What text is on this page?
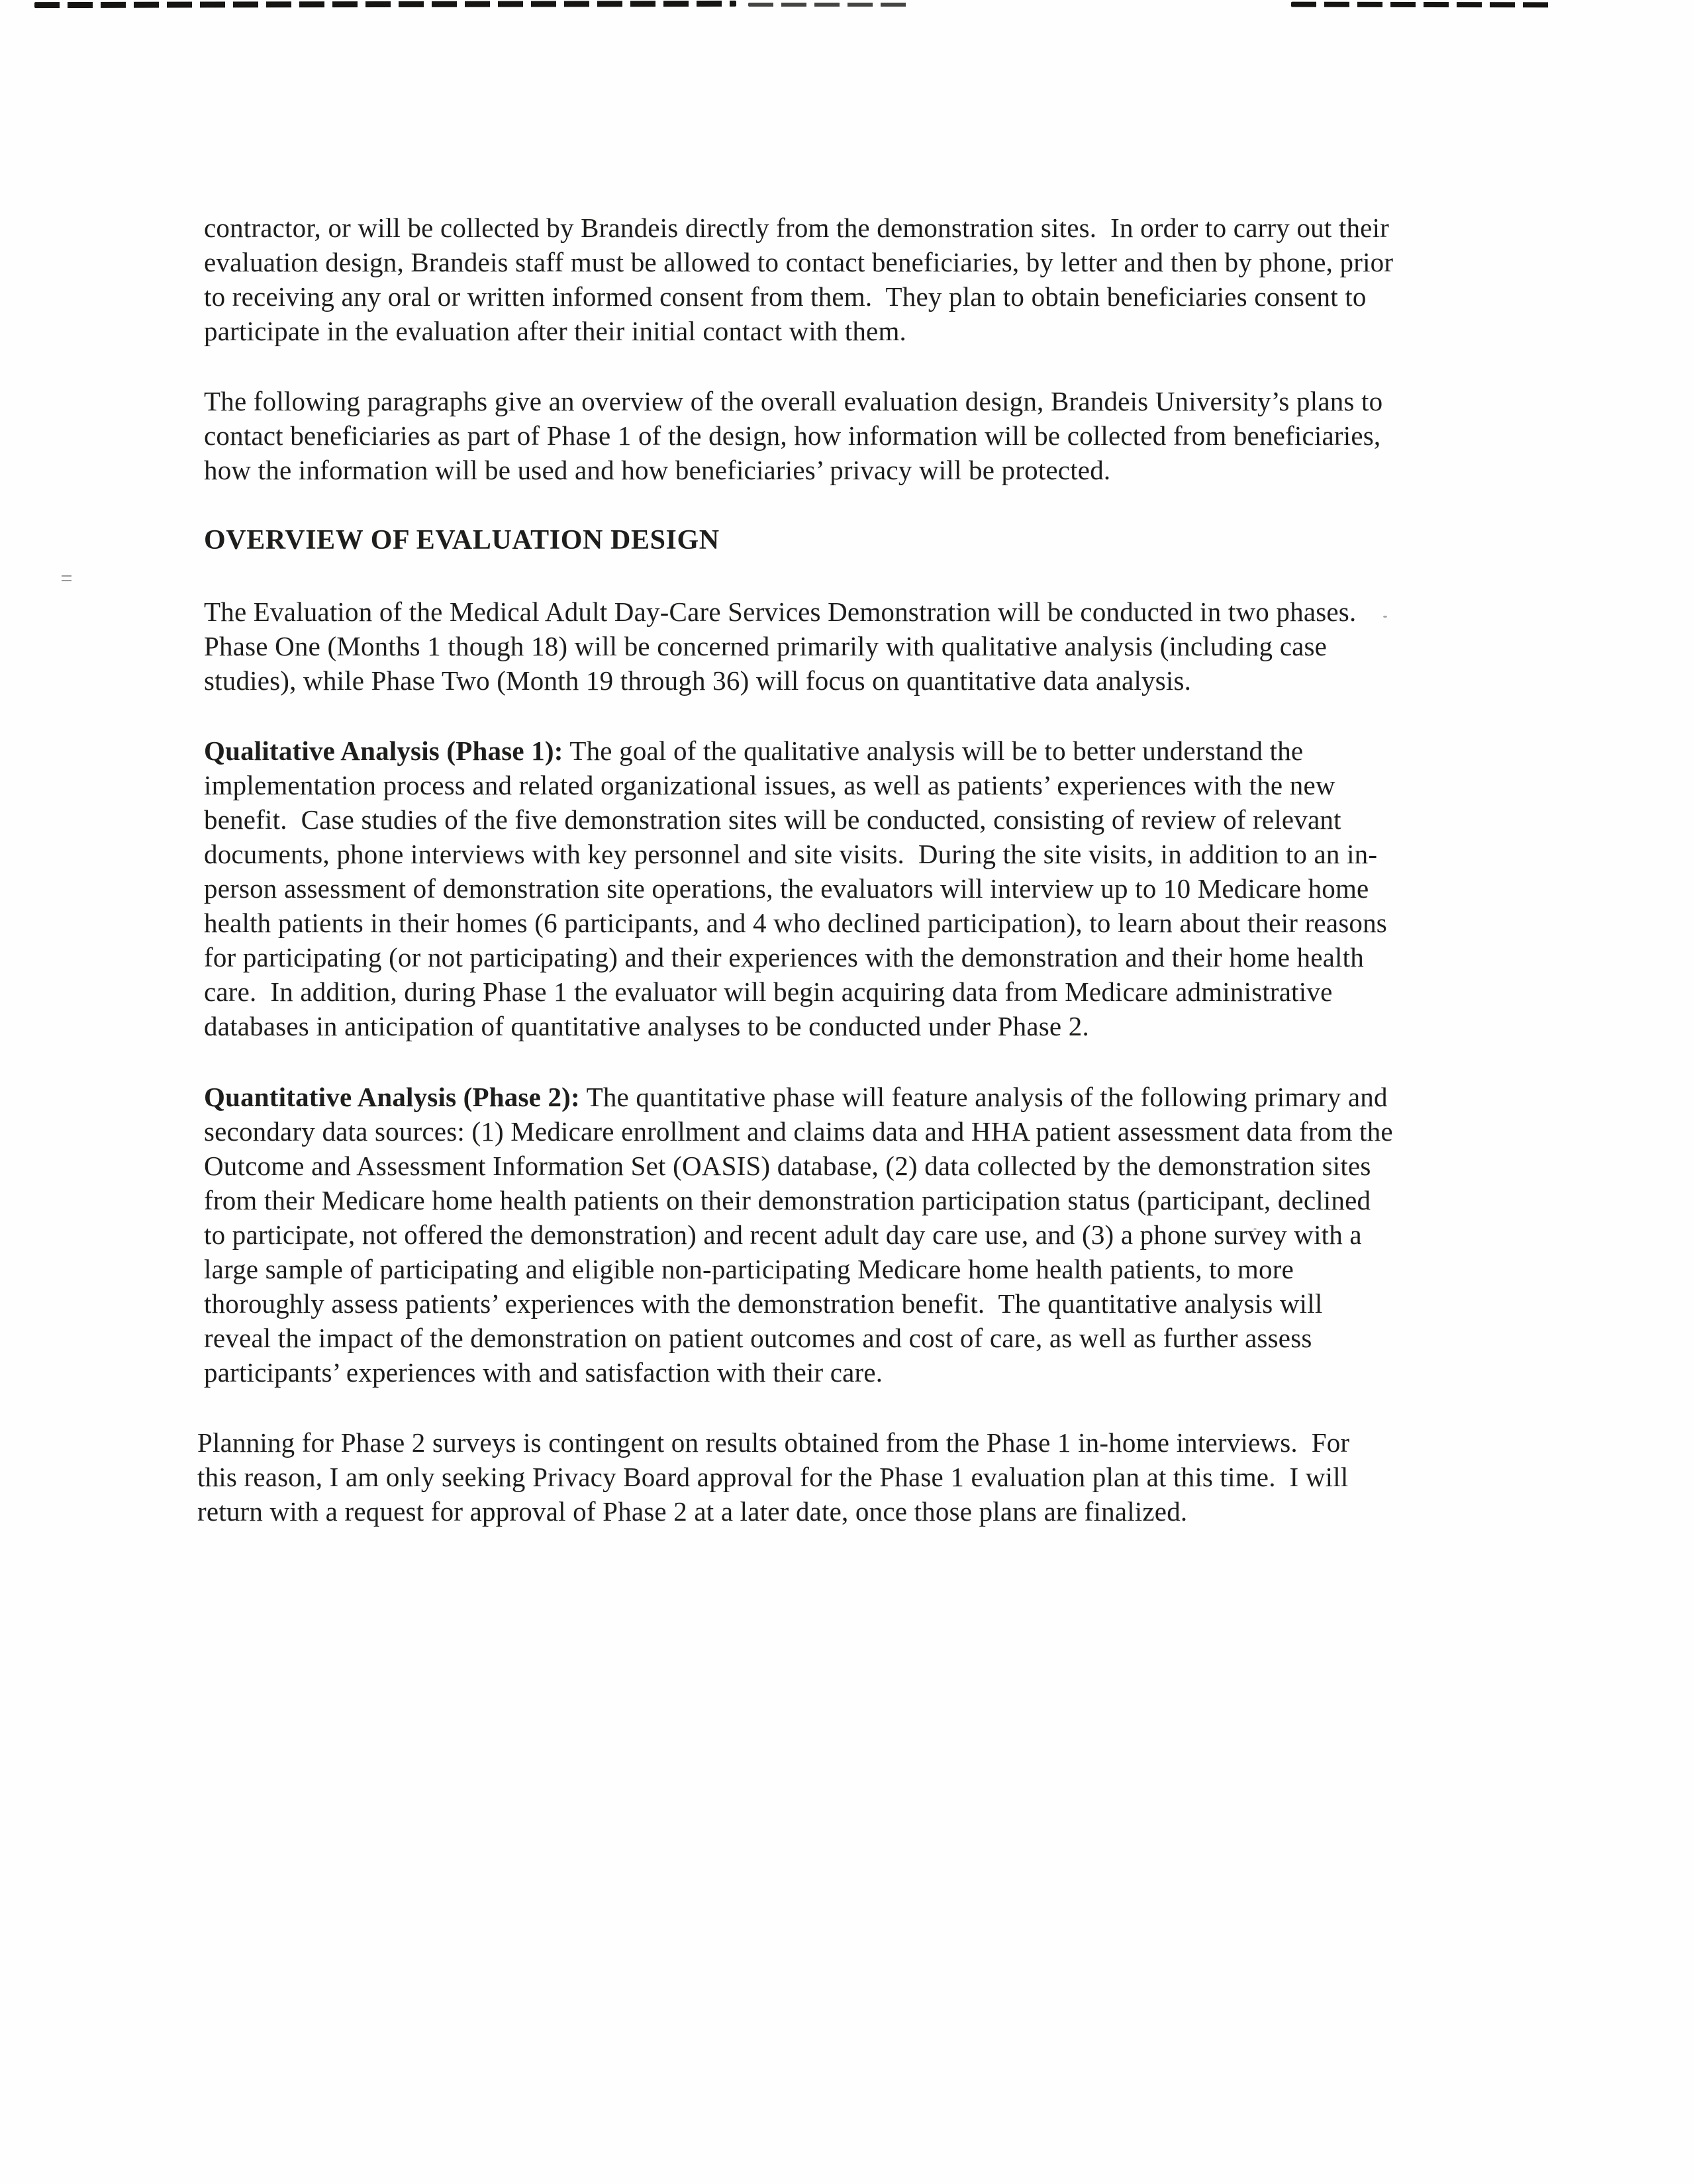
contractor, or will be collected by Brandeis directly from the demonstration sites.  In order to carry out their evaluation design, Brandeis staff must be allowed to contact beneficiaries, by letter and then by phone, prior to receiving any oral or written informed consent from them.  They plan to obtain beneficiaries consent to participate in the evaluation after their initial contact with them.

The following paragraphs give an overview of the overall evaluation design, Brandeis University’s plans to contact beneficiaries as part of Phase 1 of the design, how information will be collected from beneficiaries, how the information will be used and how beneficiaries’ privacy will be protected.

OVERVIEW OF EVALUATION DESIGN

The Evaluation of the Medical Adult Day-Care Services Demonstration will be conducted in two phases.  Phase One (Months 1 though 18) will be concerned primarily with qualitative analysis (including case studies), while Phase Two (Month 19 through 36) will focus on quantitative data analysis.

Qualitative Analysis (Phase 1): The goal of the qualitative analysis will be to better understand the implementation process and related organizational issues, as well as patients’ experiences with the new benefit.  Case studies of the five demonstration sites will be conducted, consisting of review of relevant documents, phone interviews with key personnel and site visits.  During the site visits, in addition to an in-person assessment of demonstration site operations, the evaluators will interview up to 10 Medicare home health patients in their homes (6 participants, and 4 who declined participation), to learn about their reasons for participating (or not participating) and their experiences with the demonstration and their home health care.  In addition, during Phase 1 the evaluator will begin acquiring data from Medicare administrative databases in anticipation of quantitative analyses to be conducted under Phase 2.

Quantitative Analysis (Phase 2): The quantitative phase will feature analysis of the following primary and secondary data sources: (1) Medicare enrollment and claims data and HHA patient assessment data from the Outcome and Assessment Information Set (OASIS) database, (2) data collected by the demonstration sites from their Medicare home health patients on their demonstration participation status (participant, declined to participate, not offered the demonstration) and recent adult day care use, and (3) a phone survey with a large sample of participating and eligible non-participating Medicare home health patients, to more thoroughly assess patients’ experiences with the demonstration benefit.  The quantitative analysis will reveal the impact of the demonstration on patient outcomes and cost of care, as well as further assess participants’ experiences with and satisfaction with their care.

Planning for Phase 2 surveys is contingent on results obtained from the Phase 1 in-home interviews.  For this reason, I am only seeking Privacy Board approval for the Phase 1 evaluation plan at this time.  I will return with a request for approval of Phase 2 at a later date, once those plans are finalized.
